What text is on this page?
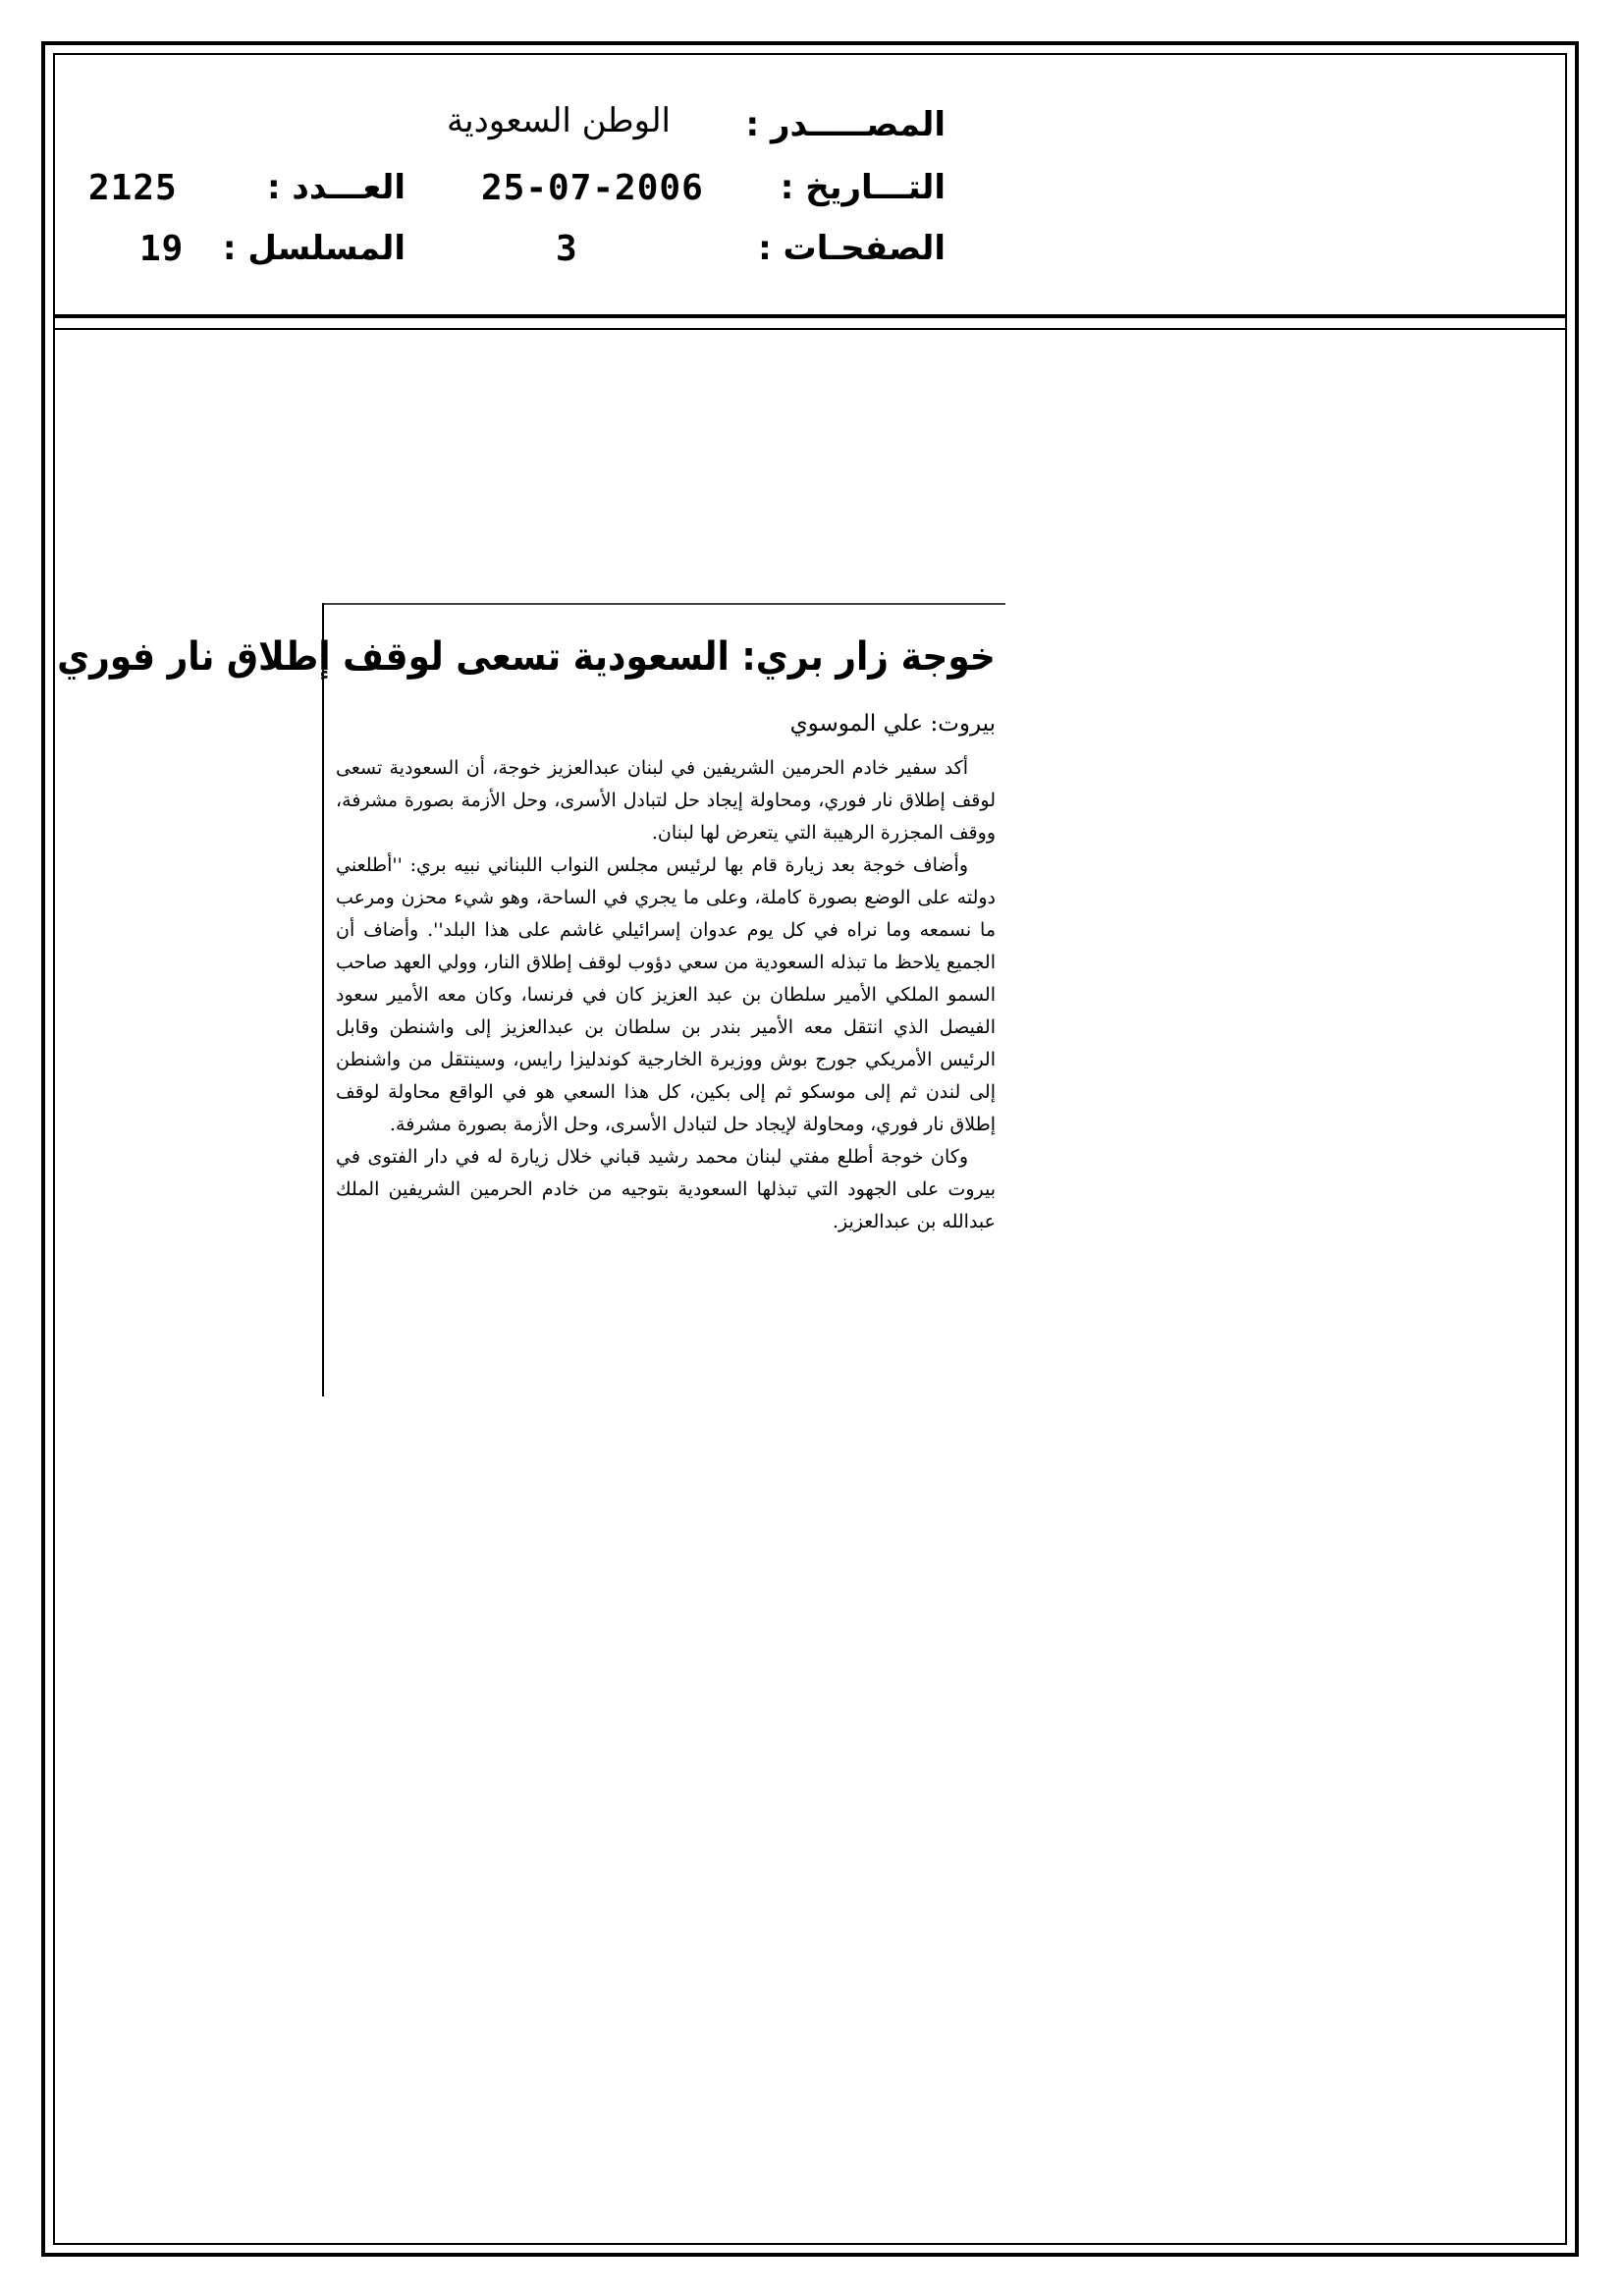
المصـــــدر :
التـــاريخ :
الصفحـات :
الوطن السعودية
25-07-2006
3
العـــدد :
المسلسل :
2125
19
خوجة زار بري: السعودية تسعى لوقف إطلاق نار فوري
بيروت: علي الموسوي

أكد سفير خادم الحرمين الشريفين في لبنان عبدالعزيز خوجة، أن السعودية تسعى لوقف إطلاق نار فوري، ومحاولة إيجاد حل لتبادل الأسرى، وحل الأزمة بصورة مشرفة، ووقف المجزرة الرهيبة التي يتعرض لها لبنان.

وأضاف خوجة بعد زيارة قام بها لرئيس مجلس النواب اللبناني نبيه بري: ''أطلعني دولته على الوضع بصورة كاملة، وعلى ما يجري في الساحة، وهو شيء محزن ومرعب ما نسمعه وما نراه في كل يوم عدوان إسرائيلي غاشم على هذا البلد''. وأضاف أن الجميع يلاحظ ما تبذله السعودية من سعي دؤوب لوقف إطلاق النار، وولي العهد صاحب السمو الملكي الأمير سلطان بن عبد العزيز كان في فرنسا، وكان معه الأمير سعود الفيصل الذي انتقل معه الأمير بندر بن سلطان بن عبدالعزيز إلى واشنطن وقابل الرئيس الأمريكي جورج بوش ووزيرة الخارجية كوندليزا رايس، وسينتقل من واشنطن إلى لندن ثم إلى موسكو ثم إلى بكين، كل هذا السعي هو في الواقع محاولة لوقف إطلاق نار فوري، ومحاولة لإيجاد حل لتبادل الأسرى، وحل الأزمة بصورة مشرفة.

وكان خوجة أطلع مفتي لبنان محمد رشيد قباني خلال زيارة له في دار الفتوى في بيروت على الجهود التي تبذلها السعودية بتوجيه من خادم الحرمين الشريفين الملك عبدالله بن عبدالعزيز.
